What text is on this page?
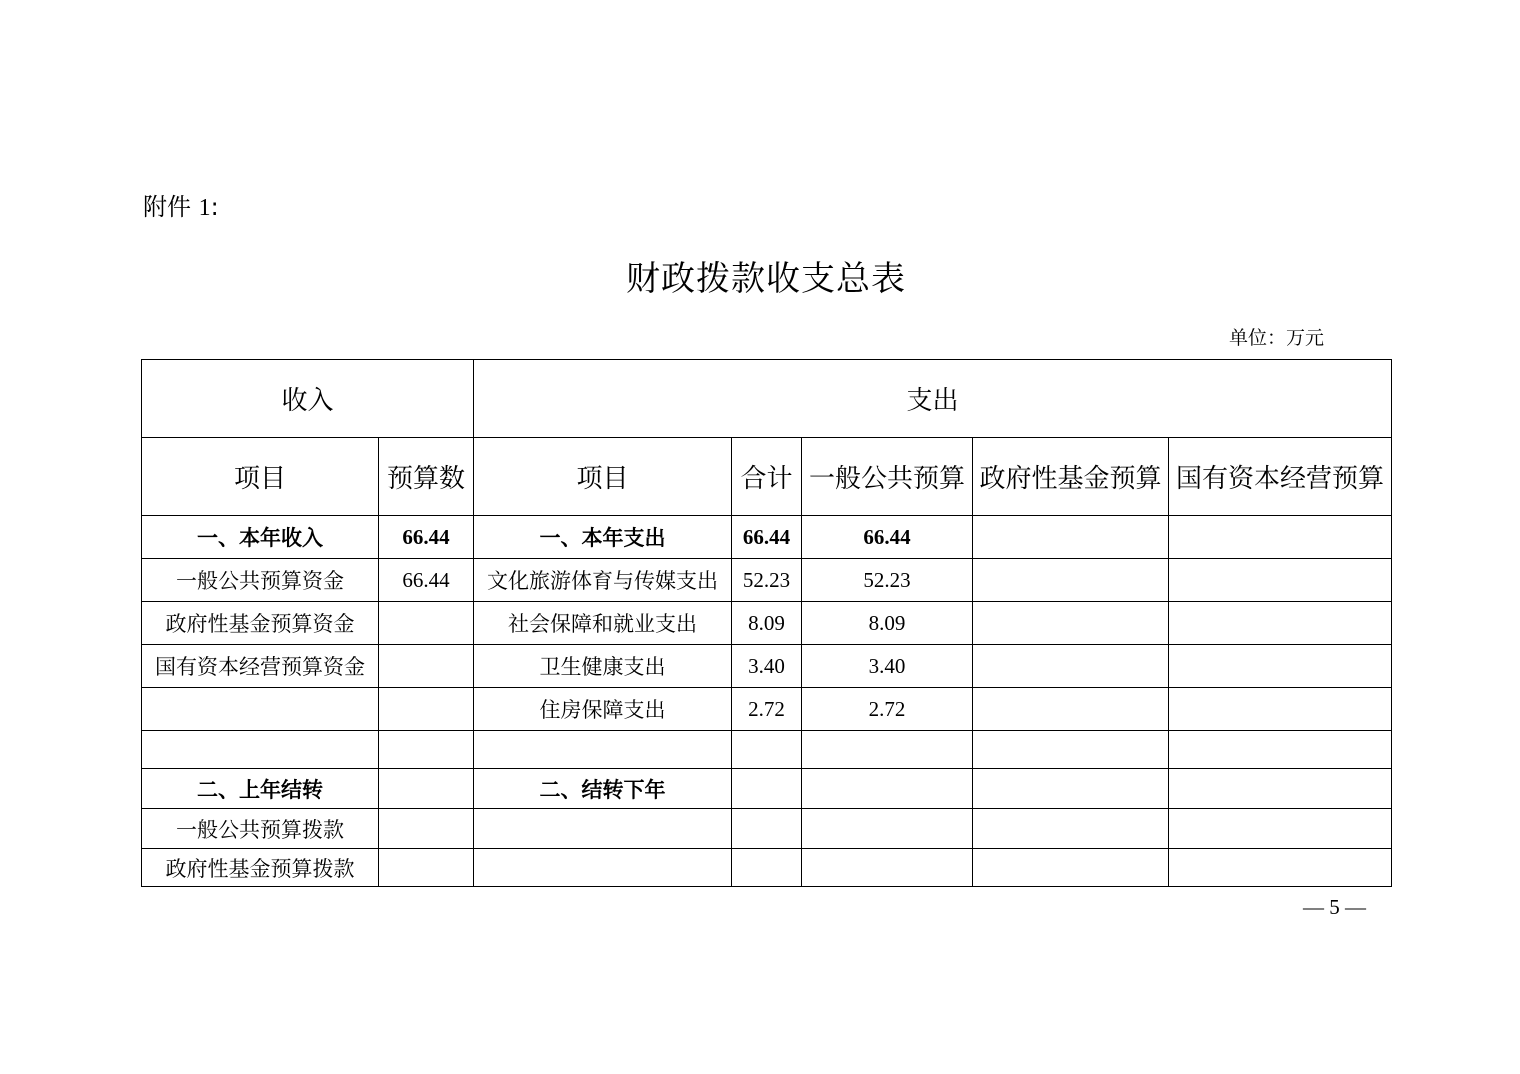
附件 1:
财政拨款收支总表
单位：万元
收入		支出				
项目	预算数	项目	合计	一般公共预算	政府性基金预算	国有资本经营预算
一、本年收入	66.44	一、本年支出	66.44	66.44		
一般公共预算资金	66.44	文化旅游体育与传媒支出	52.23	52.23		
政府性基金预算资金		社会保障和就业支出	8.09	8.09		
国有资本经营预算资金		卫生健康支出	3.40	3.40		
		住房保障支出	2.72	2.72		

二、上年结转		二、结转下年				
一般公共预算拨款						
政府性基金预算拨款						
— 5 —
